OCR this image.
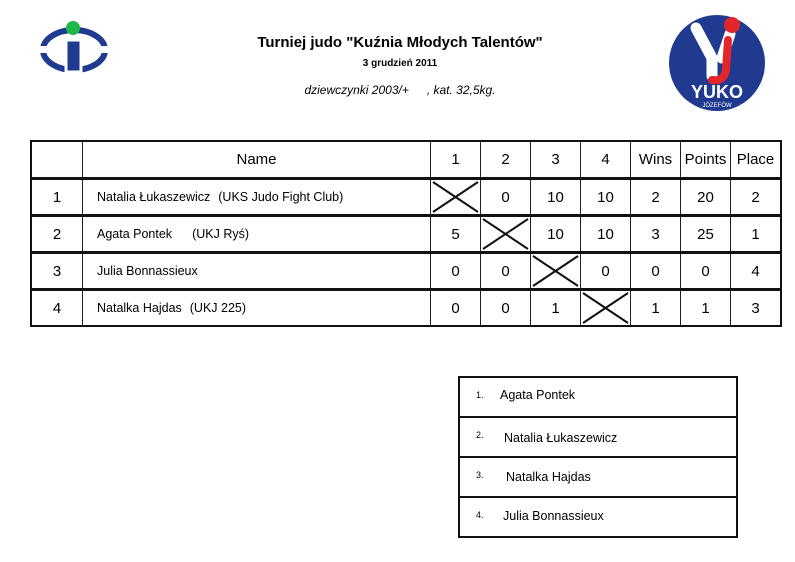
Turniej judo "Kuźnia Młodych Talentów"
3 grudzień 2011
dziewczynki 2003/+ , kat. 32,5kg.	YUKO
JÓZEFÓW
	Name	1	2	3	4	Wins	Points	Place
1	Natalia Łukaszewicz (UKS Judo Fight Club)		0	10	10	2	20	2
2	Agata Pontek (UKJ Ryś)	5		10	10	3	25	1
3	Julia Bonnassieux	0	0		0	0	0	4
4	Natalka Hajdas (UKJ 225)	0	0	1		1	1	3
1. Agata Pontek
2. Natalia Łukaszewicz
3. Natalka Hajdas
4. Julia Bonnassieux
